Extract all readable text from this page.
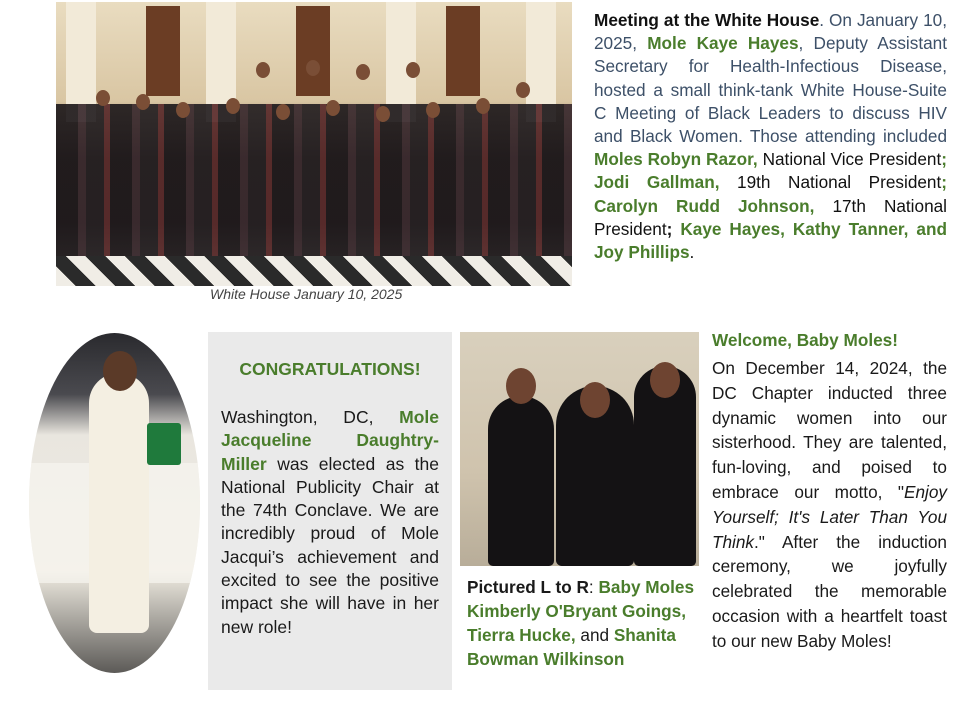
White House January 10, 2025
Meeting at the White House. On January 10, 2025, Mole Kaye Hayes, Deputy Assistant Secretary for Health-Infectious Disease, hosted a small think-tank White House-Suite C Meeting of Black Leaders to discuss HIV and Black Women. Those attending included Moles Robyn Razor, National Vice President; Jodi Gallman, 19th National President; Carolyn Rudd Johnson, 17th National President; Kaye Hayes, Kathy Tanner, and Joy Phillips.
CONGRATULATIONS!
Washington, DC, Mole Jacqueline Daughtry-Miller was elected as the National Publicity Chair at the 74th Conclave. We are incredibly proud of Mole Jacqui’s achievement and excited to see the positive impact she will have in her new role!
Pictured L to R: Baby Moles Kimberly O'Bryant Goings, Tierra Hucke, and Shanita Bowman Wilkinson
Welcome, Baby Moles!
On December 14, 2024, the DC Chapter inducted three dynamic women into our sisterhood. They are talented, fun-loving, and poised to embrace our motto, "Enjoy Yourself; It's Later Than You Think." After the induction ceremony, we joyfully celebrated the memorable occasion with a heartfelt toast to our new Baby Moles!
